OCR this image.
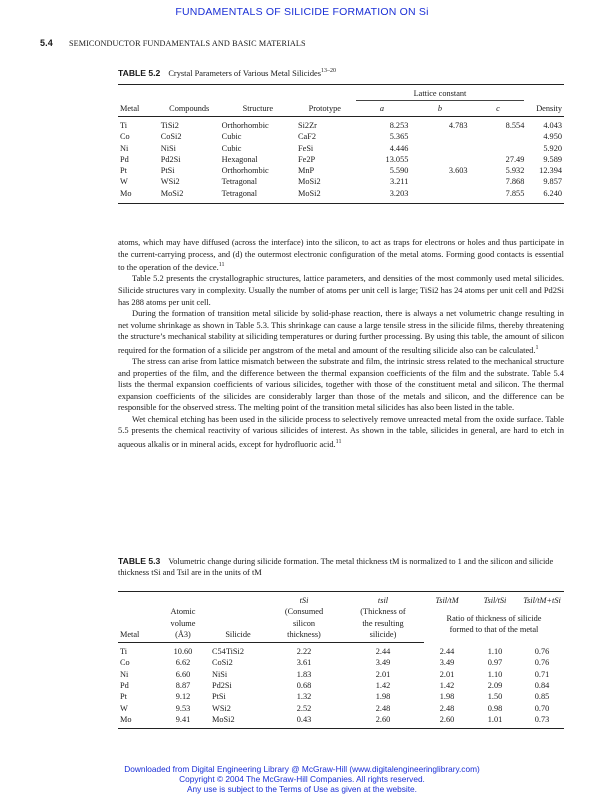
FUNDAMENTALS OF SILICIDE FORMATION ON Si
5.4 SEMICONDUCTOR FUNDAMENTALS AND BASIC MATERIALS
TABLE 5.2 Crystal Parameters of Various Metal Silicides$^{13-20}$
				Lattice constant			
Metal	Compounds	Structure	Prototype	a	b	c	Density
Ti	TiSi2	Orthorhombic	Si2Zr	8.253	4.783	8.554	4.043
Co	CoSi2	Cubic	CaF2	5.365			4.950
Ni	NiSi	Cubic	FeSi	4.446			5.920
Pd	Pd2Si	Hexagonal	Fe2P	13.055		27.49	9.589
Pt	PtSi	Orthorhombic	MnP	5.590	3.603	5.932	12.394
W	WSi2	Tetragonal	MoSi2	3.211		7.868	9.857
Mo	MoSi2	Tetragonal	MoSi2	3.203		7.855	6.240

atoms, which may have diffused (across the interface) into the silicon, to act as traps for electrons or holes and thus participate in the current-carrying process, and (d) the outermost electronic configuration of the metal atoms. Forming good contacts is essential to the operation of the device.$^{11}$

Table 5.2 presents the crystallographic structures, lattice parameters, and densities of the most commonly used metal silicides. Silicide structures vary in complexity. Usually the number of atoms per unit cell is large; TiSi2 has 24 atoms per unit cell and Pd2Si has 288 atoms per unit cell.

During the formation of transition metal silicide by solid-phase reaction, there is always a net volumetric change resulting in net volume shrinkage as shown in Table 5.3. This shrinkage can cause a large tensile stress in the silicide films, thereby threatening the structure’s mechanical stability at siliciding temperatures or during further processing. By using this table, the amount of silicon required for the formation of a silicide per angstrom of the metal and amount of the resulting silicide also can be calculated.$^1$

The stress can arise from lattice mismatch between the substrate and film, the intrinsic stress related to the mechanical structure and properties of the film, and the difference between the thermal expansion coefficients of the film and the substrate. Table 5.4 lists the thermal expansion coefficients of various silicides, together with those of the constituent metal and silicon. The thermal expansion coefficients of the silicides are considerably larger than those of the metals and silicon, and the difference can be responsible for the observed stress. The melting point of the transition metal silicides has also been listed in the table.

Wet chemical etching has been used in the silicide process to selectively remove unreacted metal from the oxide surface. Table 5.5 presents the chemical reactivity of various silicides of interest. As shown in the table, silicides in general, are hard to etch in aqueous alkalis or in mineral acids, except for hydrofluoric acid.$^{11}$

TABLE 5.3 Volumetric change during silicide formation. The metal thickness tM is normalized to 1 and the silicon and silicide thickness tSi and Tsil are in the units of tM
			tSi	tsil	Tsil/tM	Tsil/tSi	Tsil/tM+tSi
	Atomic		(Consumed	(Thickness of	Ratio of thickness of silicide formed to that of the metal		
	volume		silicon	the resulting			
Metal	(Å3)	Silicide	thickness)	silicide)			
Ti	10.60	C54TiSi2	2.22	2.44	2.44	1.10	0.76
Co	6.62	CoSi2	3.61	3.49	3.49	0.97	0.76
Ni	6.60	NiSi	1.83	2.01	2.01	1.10	0.71
Pd	8.87	Pd2Si	0.68	1.42	1.42	2.09	0.84
Pt	9.12	PtSi	1.32	1.98	1.98	1.50	0.85
W	9.53	WSi2	2.52	2.48	2.48	0.98	0.70
Mo	9.41	MoSi2	0.43	2.60	2.60	1.01	0.73
Downloaded from Digital Engineering Library @ McGraw-Hill (www.digitalengineeringlibrary.com)
Copyright © 2004 The McGraw-Hill Companies. All rights reserved.
Any use is subject to the Terms of Use as given at the website.
